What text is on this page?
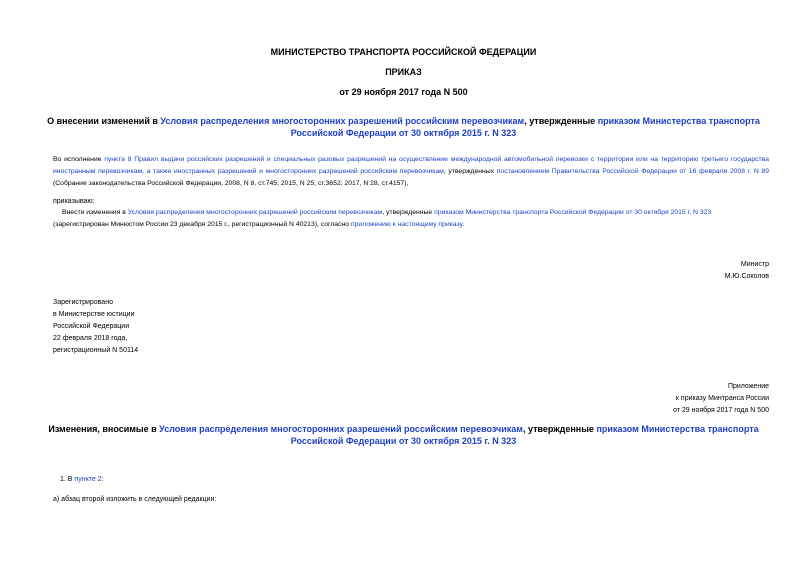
МИНИСТЕРСТВО ТРАНСПОРТА РОССИЙСКОЙ ФЕДЕРАЦИИ
ПРИКАЗ
от 29 ноября 2017 года N 500
О внесении изменений в Условия распределения многосторонних разрешений российским перевозчикам, утвержденные приказом Министерства транспорта
Российской Федерации от 30 октября 2015 г. N 323
Во исполнение пункта 8 Правил выдачи российских разрешений и специальных разовых разрешений на осуществление международной автомобильной перевозки с территории или на территорию третьего государства иностранным перевозчикам, а также иностранных разрешений и многосторонних разрешений российским перевозчикам, утвержденных постановлением Правительства Российской Федерации от 16 февраля 2008 г. N 89 (Собрание законодательства Российской Федерации, 2008, N 8, ст.745; 2015, N 25, ст.3652; 2017, N 28, ст.4157),
приказываю:
Внести изменения в Условия распределения многосторонних разрешений российским перевозчикам, утвержденные приказом Министерства транспорта Российской Федерации от 30 октября 2015 г. N 323
(зарегистрирован Минюстом России 23 декабря 2015 г., регистрационный N 40213), согласно приложению к настоящему приказу.
Министр
М.Ю.Соколов
Зарегистрировано
в Министерстве юстиции
Российской Федерации
22 февраля 2018 года,
регистрационный N 50114
Приложение
к приказу Минтранса России
от 29 ноября 2017 года N 500
Изменения, вносимые в Условия распределения многосторонних разрешений российским перевозчикам, утвержденные приказом Министерства транспорта
Российской Федерации от 30 октября 2015 г. N 323
1. В пункте 2:
а) абзац второй изложить в следующей редакции:
